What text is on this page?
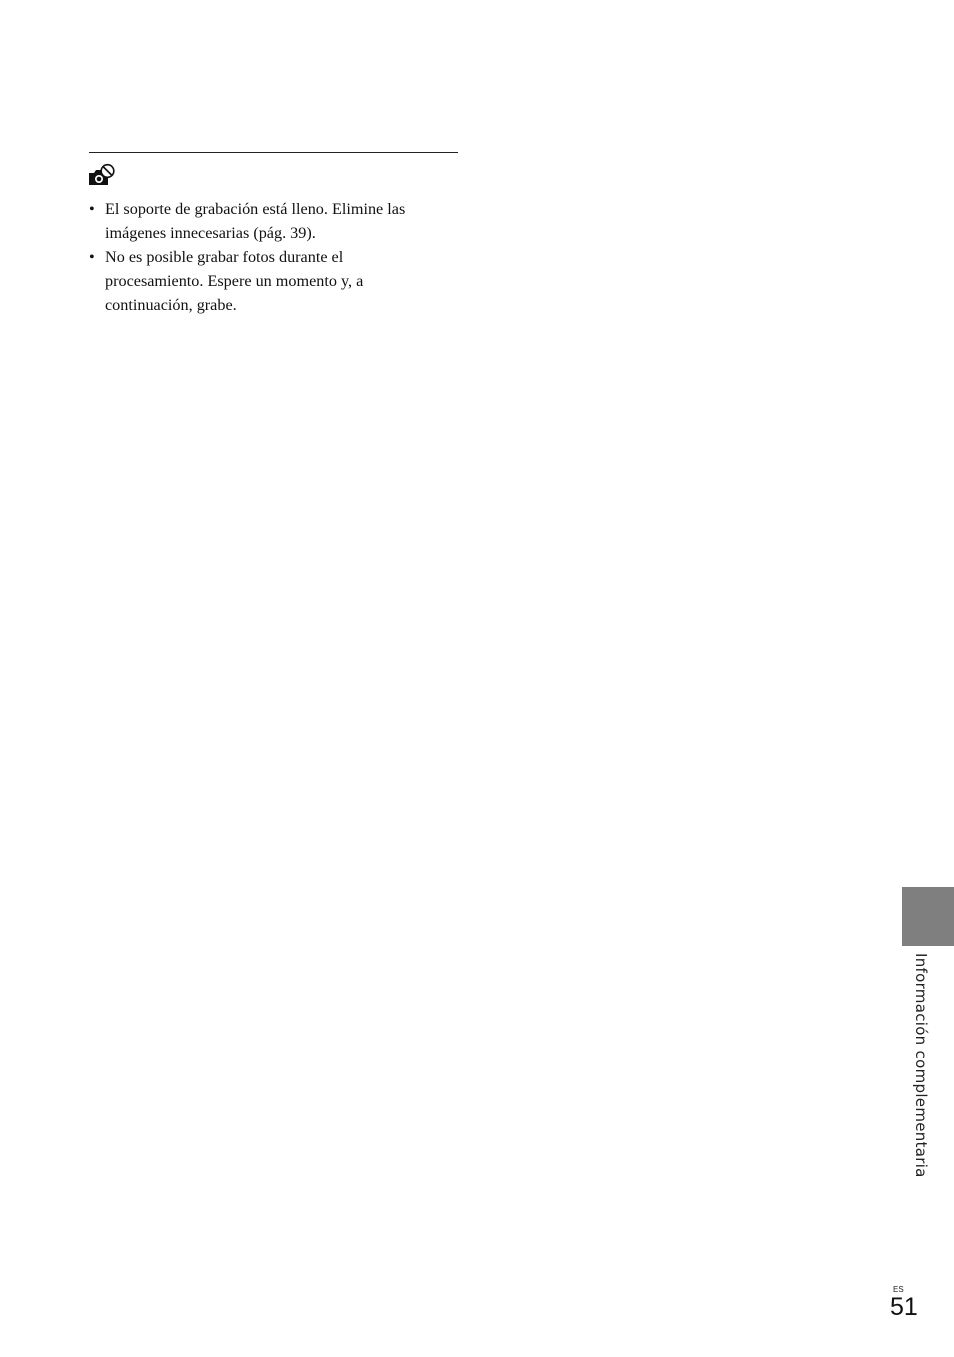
• El soporte de grabación está lleno. Elimine las
imágenes innecesarias (pág. 39).
• No es posible grabar fotos durante el
procesamiento. Espere un momento y, a
continuación, grabe.
Información complementaria
ES
51
